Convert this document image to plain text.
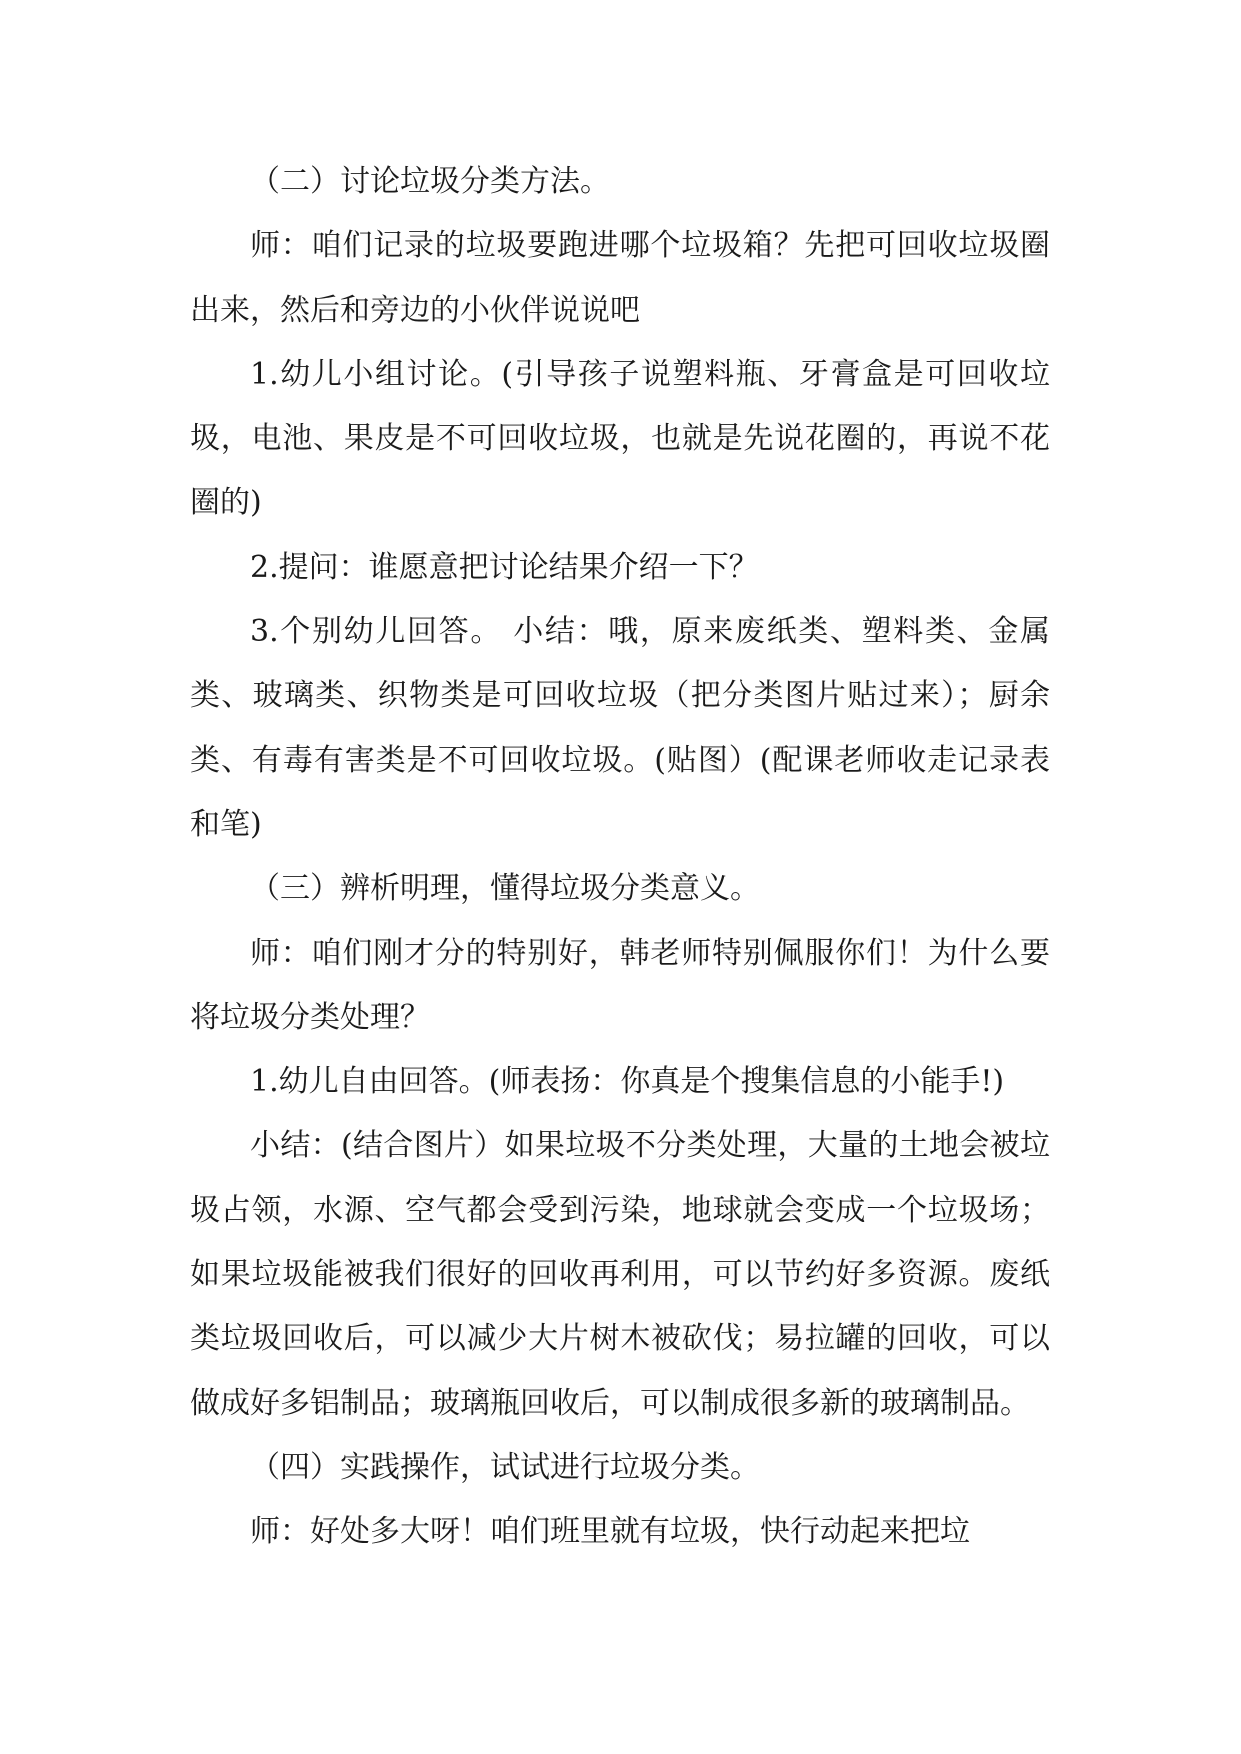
（二）讨论垃圾分类方法。

师：咱们记录的垃圾要跑进哪个垃圾箱？先把可回收垃圾圈出来，然后和旁边的小伙伴说说吧

1.幼儿小组讨论。(引导孩子说塑料瓶、牙膏盒是可回收垃圾，电池、果皮是不可回收垃圾，也就是先说花圈的，再说不花圈的)

2.提问：谁愿意把讨论结果介绍一下？

3.个别幼儿回答。 小结：哦，原来废纸类、塑料类、金属类、玻璃类、织物类是可回收垃圾（把分类图片贴过来）；厨余类、有毒有害类是不可回收垃圾。(贴图）(配课老师收走记录表和笔)

（三）辨析明理，懂得垃圾分类意义。

师：咱们刚才分的特别好，韩老师特别佩服你们！为什么要将垃圾分类处理？

1.幼儿自由回答。(师表扬：你真是个搜集信息的小能手!)

小结：(结合图片）如果垃圾不分类处理，大量的土地会被垃圾占领，水源、空气都会受到污染，地球就会变成一个垃圾场；如果垃圾能被我们很好的回收再利用，可以节约好多资源。废纸类垃圾回收后，可以减少大片树木被砍伐；易拉罐的回收，可以做成好多铝制品；玻璃瓶回收后，可以制成很多新的玻璃制品。

（四）实践操作，试试进行垃圾分类。

师：好处多大呀！咱们班里就有垃圾，快行动起来把垃
